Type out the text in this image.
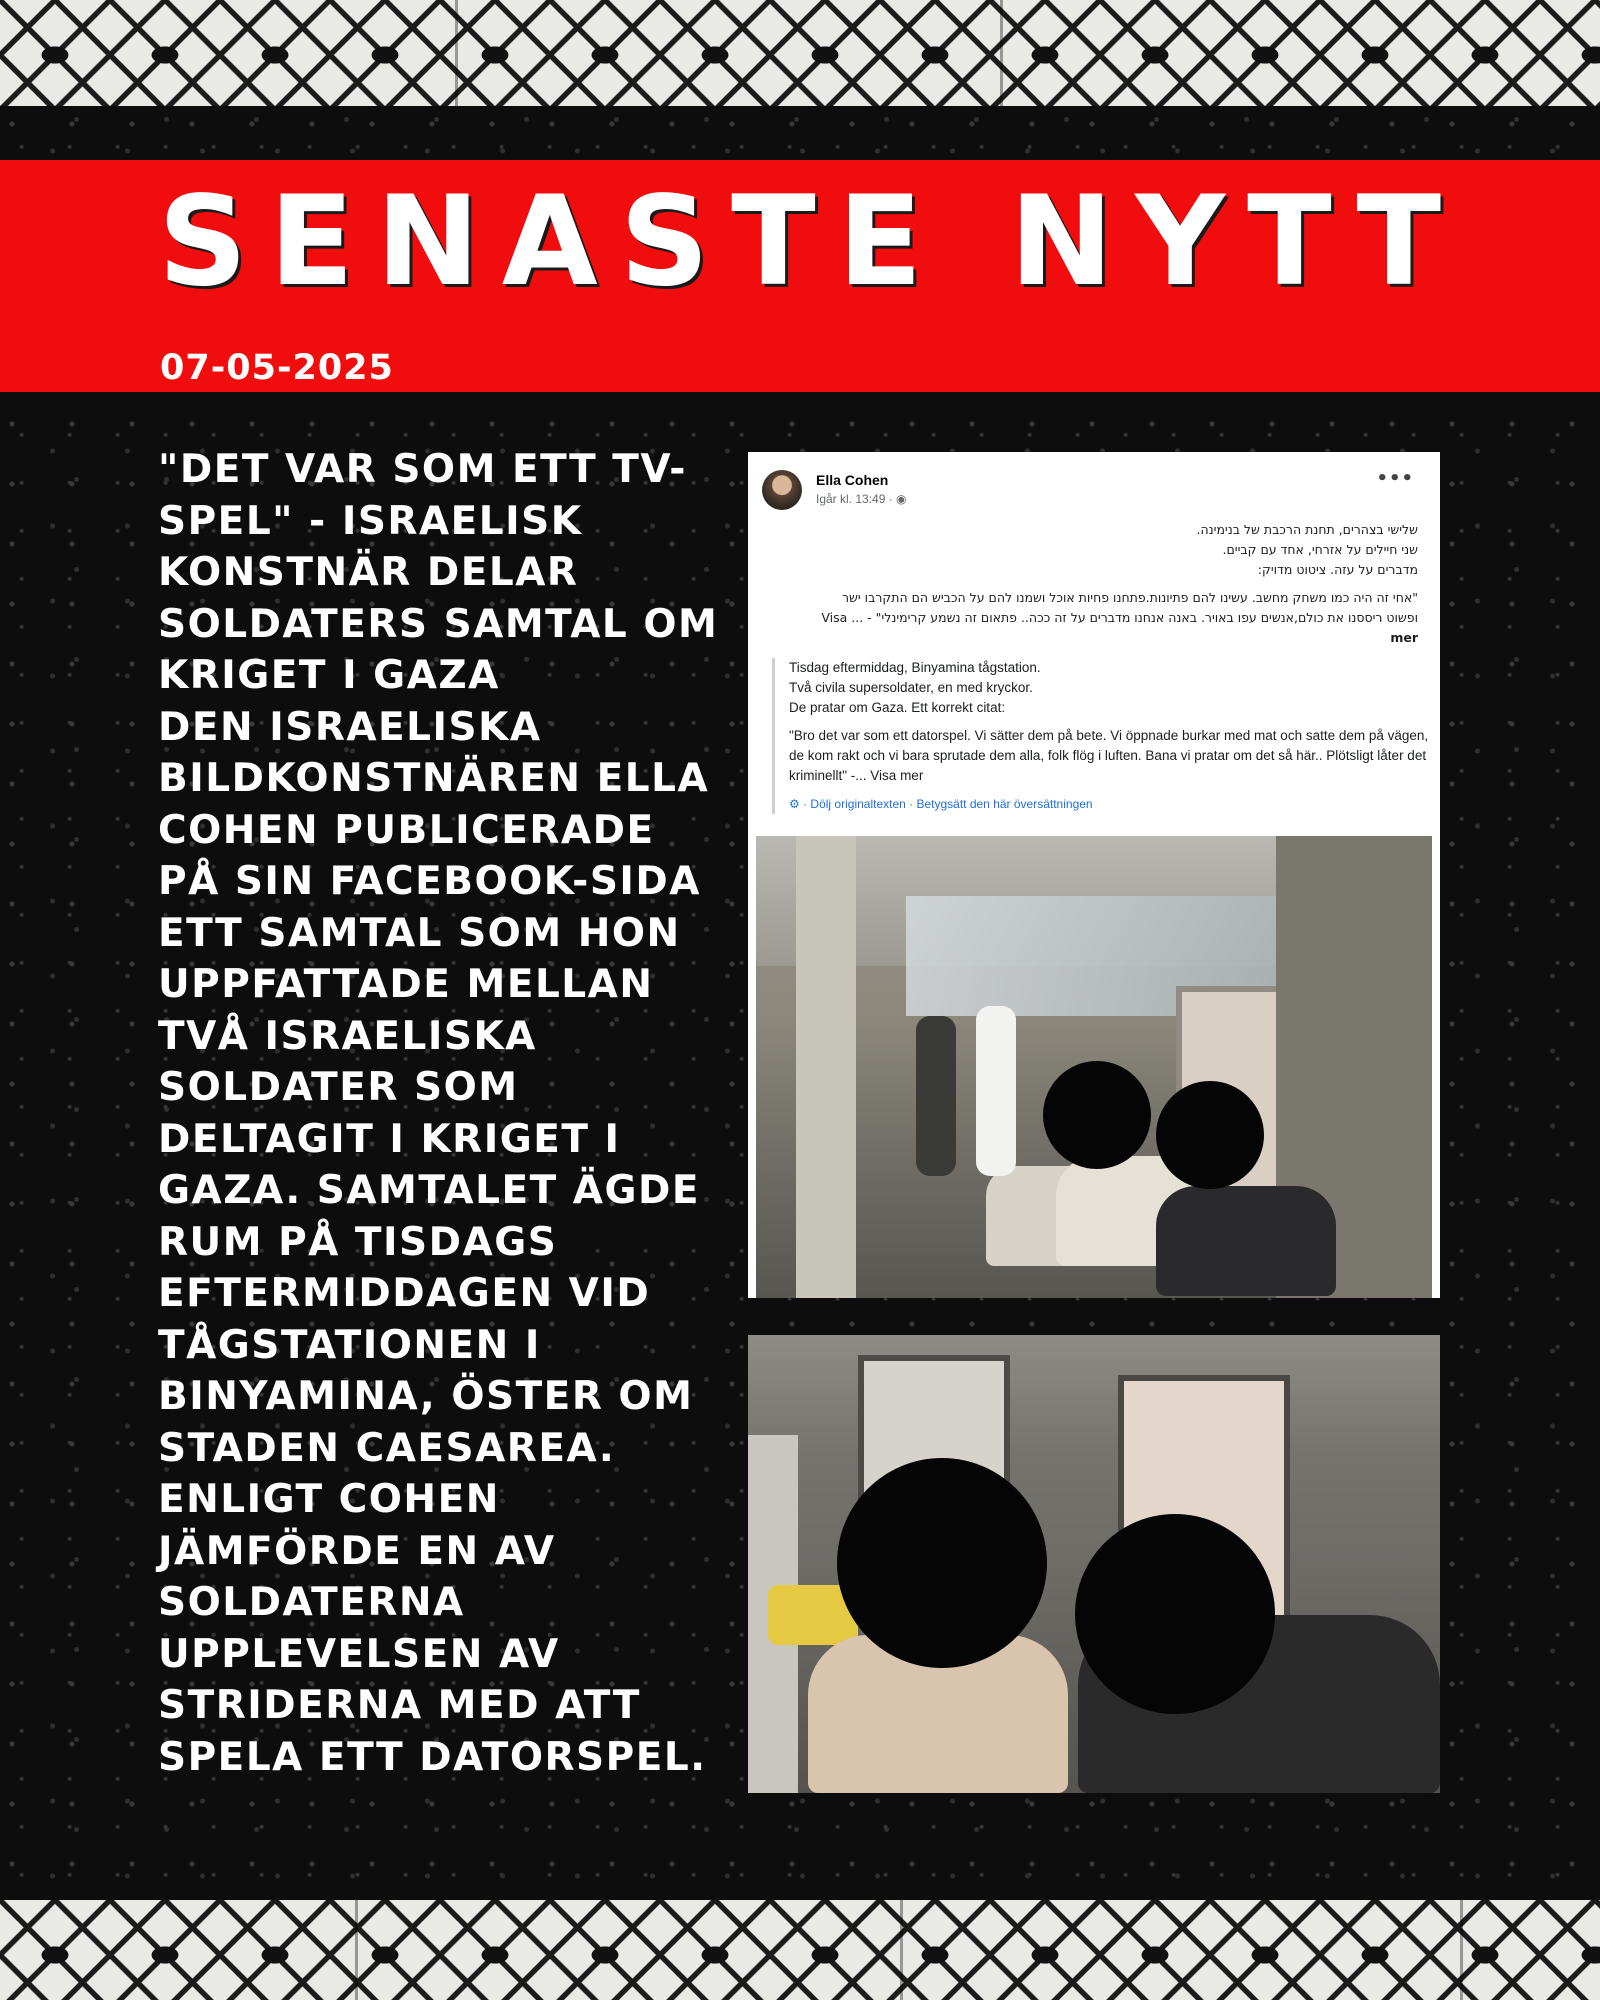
SENASTE NYTT
07-05-2025
"DET VAR SOM ETT TV-SPEL" - ISRAELISK KONSTNÄR DELAR SOLDATERS SAMTAL OM KRIGET I GAZA
DEN ISRAELISKA BILDKONSTNÄREN ELLA COHEN PUBLICERADE PÅ SIN FACEBOOK-SIDA ETT SAMTAL SOM HON UPPFATTADE MELLAN TVÅ ISRAELISKA SOLDATER SOM DELTAGIT I KRIGET I GAZA. SAMTALET ÄGDE RUM PÅ TISDAGS EFTERMIDDAGEN VID TÅGSTATIONEN I BINYAMINA, ÖSTER OM STADEN CAESAREA. ENLIGT COHEN JÄMFÖRDE EN AV SOLDATERNA UPPLEVELSEN AV STRIDERNA MED ATT SPELA ETT DATORSPEL.
Ella Cohen
Igår kl. 13:49 · ◉
•••
שלישי בצהרים, תחנת הרכבת של בנימינה.
שני חיילים על אזרחי, אחד עם קביים.
מדברים על עזה. ציטוט מדויק:
"אחי זה היה כמו משחק מחשב. עשינו להם פתיונות.פתחנו פחיות אוכל ושמנו להם על הכביש הם התקרבו ישר
ופשוט ריססנו את כולם,אנשים עפו באויר. באנה אנחנו מדברים על זה ככה.. פתאום זה נשמע קרימינלי" - ... Visa
mer
Tisdag eftermiddag, Binyamina tågstation.
Två civila supersoldater, en med kryckor.
De pratar om Gaza. Ett korrekt citat:
"Bro det var som ett datorspel. Vi sätter dem på bete. Vi öppnade burkar med mat och satte dem på vägen, de kom rakt och vi bara sprutade dem alla, folk flög i luften. Bana vi pratar om det så här.. Plötsligt låter det kriminellt" -... Visa mer
⚙ · Dölj originaltexten · Betygsätt den här översättningen
